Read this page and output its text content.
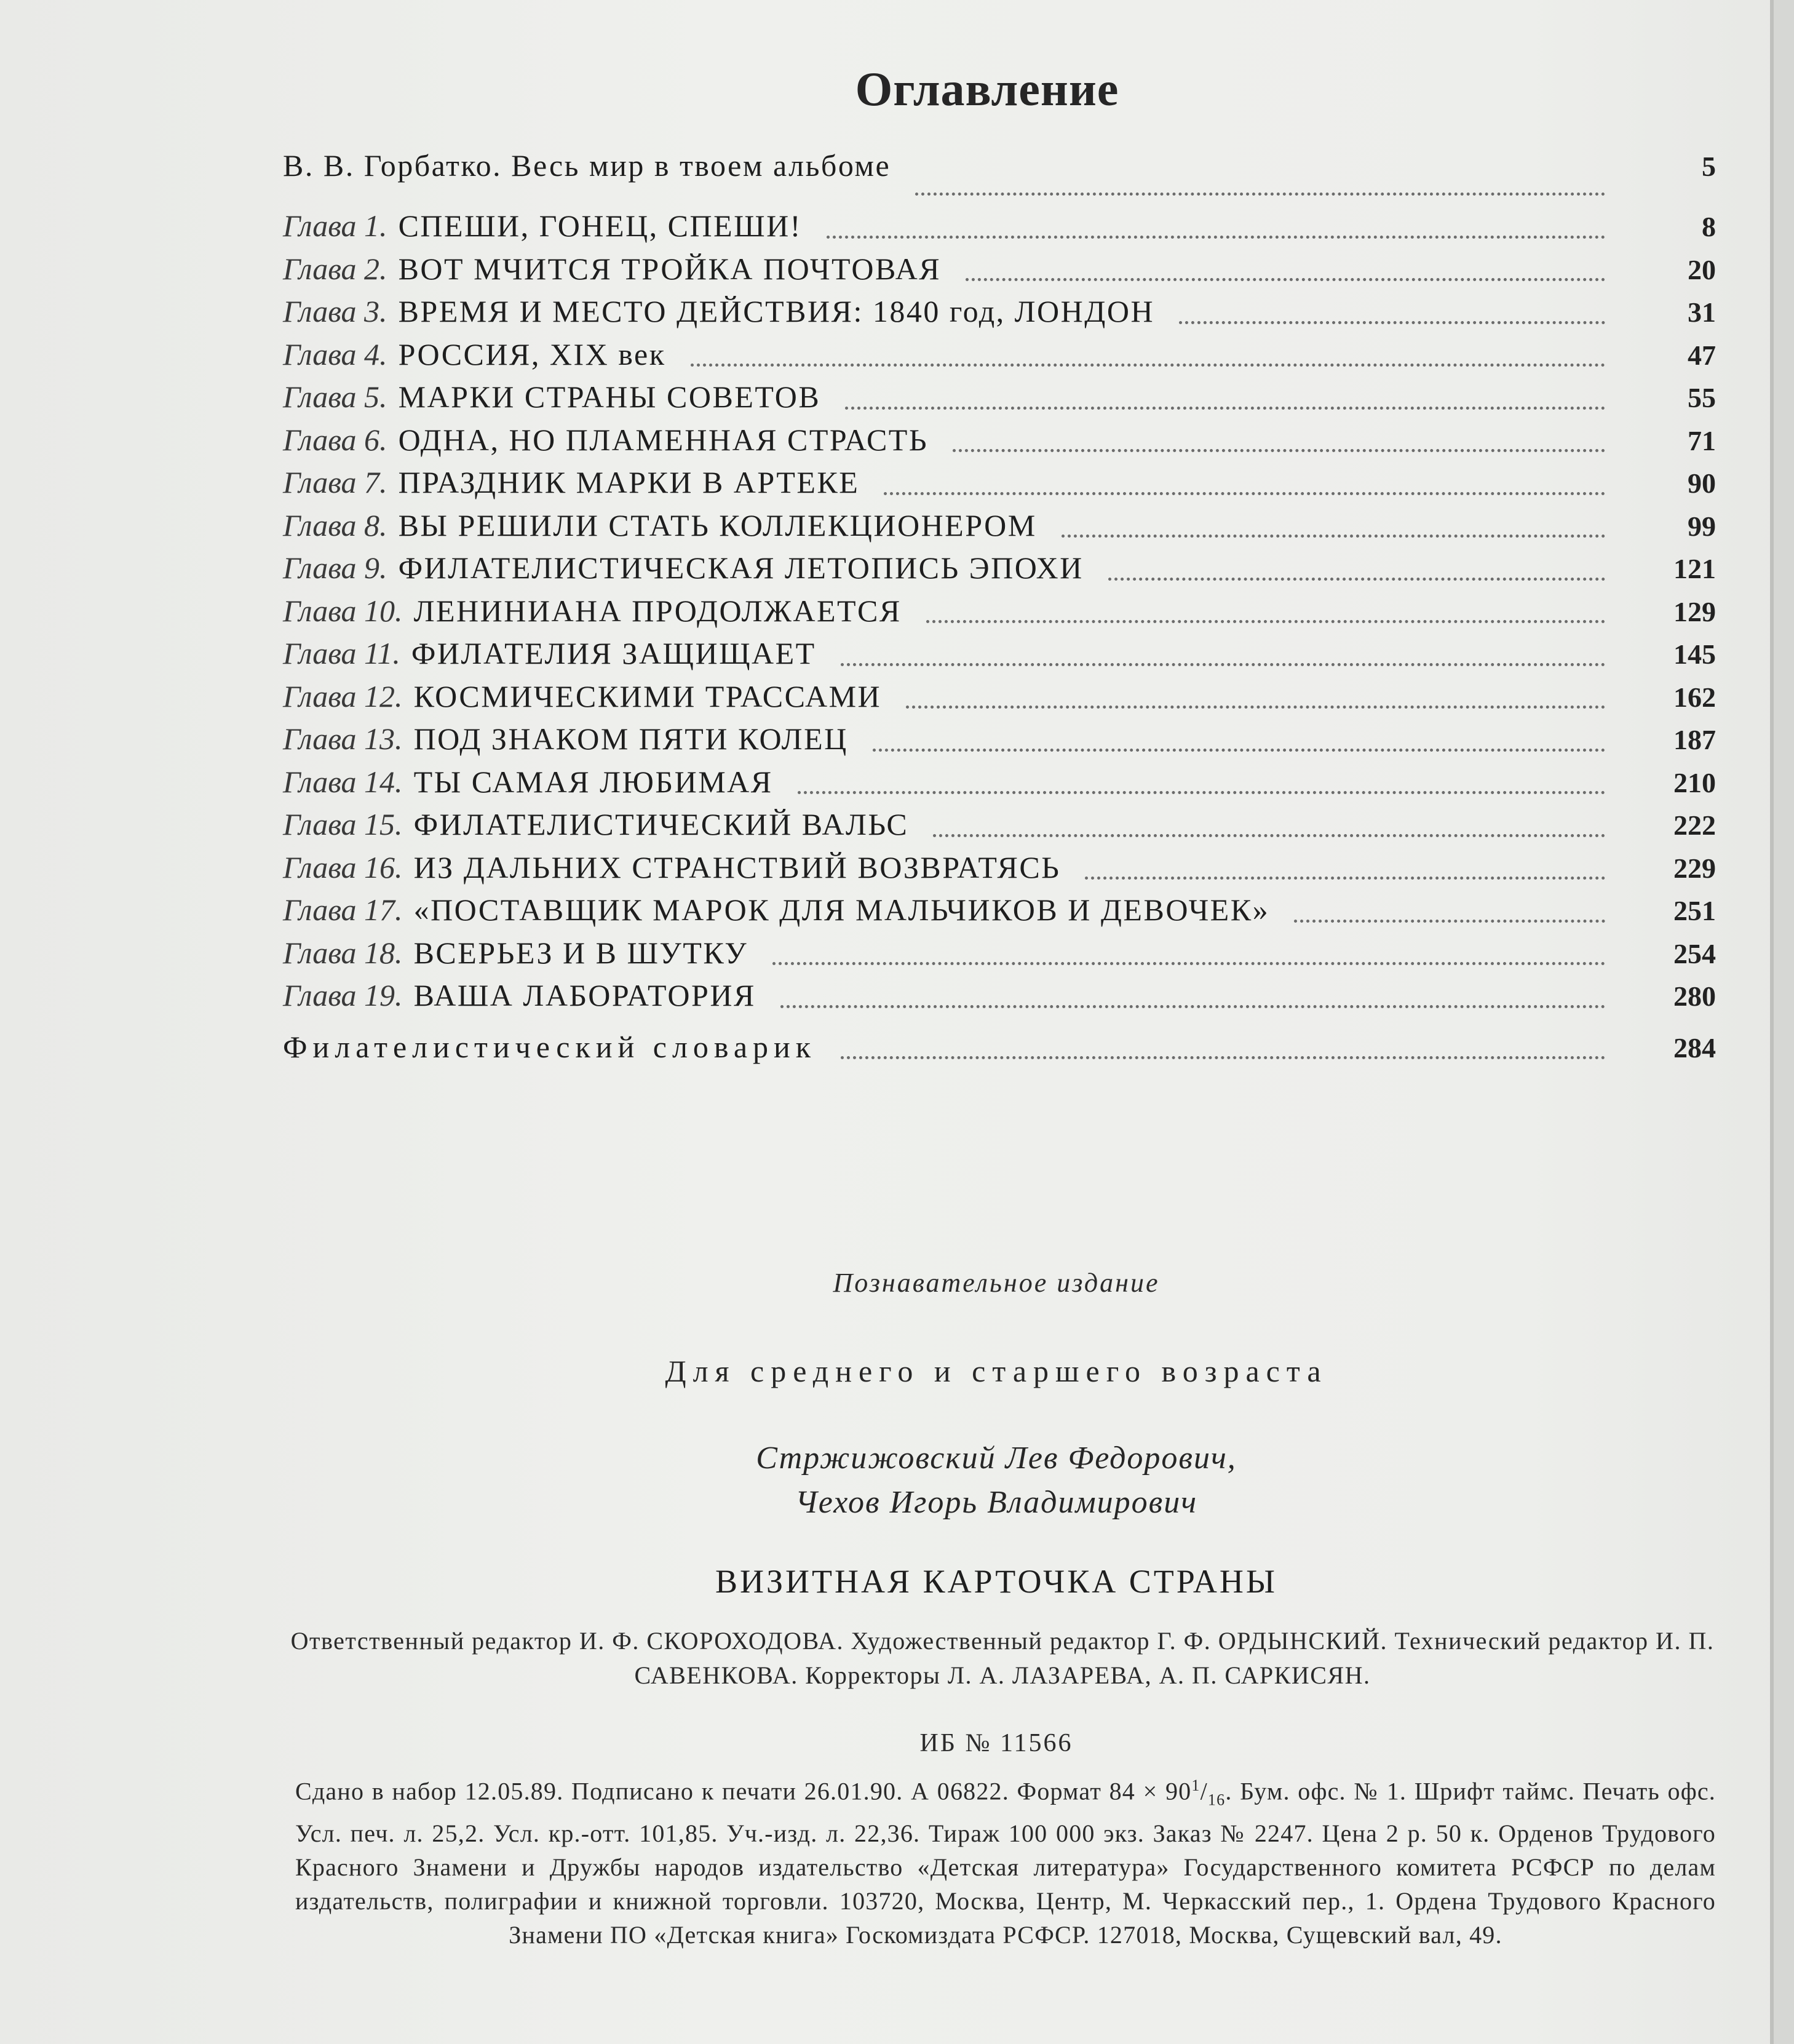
Оглавление
В. В. Горбатко. Весь мир в твоем альбоме	5
Глава 1. СПЕШИ, ГОНЕЦ, СПЕШИ!	8
Глава 2. ВОТ МЧИТСЯ ТРОЙКА ПОЧТОВАЯ	20
Глава 3. ВРЕМЯ И МЕСТО ДЕЙСТВИЯ: 1840 год, ЛОНДОН	31
Глава 4. РОССИЯ, XIX век	47
Глава 5. МАРКИ СТРАНЫ СОВЕТОВ	55
Глава 6. ОДНА, НО ПЛАМЕННАЯ СТРАСТЬ	71
Глава 7. ПРАЗДНИК МАРКИ В АРТЕКЕ	90
Глава 8. ВЫ РЕШИЛИ СТАТЬ КОЛЛЕКЦИОНЕРОМ	99
Глава 9. ФИЛАТЕЛИСТИЧЕСКАЯ ЛЕТОПИСЬ ЭПОХИ	121
Глава 10. ЛЕНИНИАНА ПРОДОЛЖАЕТСЯ	129
Глава 11. ФИЛАТЕЛИЯ ЗАЩИЩАЕТ	145
Глава 12. КОСМИЧЕСКИМИ ТРАССАМИ	162
Глава 13. ПОД ЗНАКОМ ПЯТИ КОЛЕЦ	187
Глава 14. ТЫ САМАЯ ЛЮБИМАЯ	210
Глава 15. ФИЛАТЕЛИСТИЧЕСКИЙ ВАЛЬС	222
Глава 16. ИЗ ДАЛЬНИХ СТРАНСТВИЙ ВОЗВРАТЯСЬ	229
Глава 17. «ПОСТАВЩИК МАРОК ДЛЯ МАЛЬЧИКОВ И ДЕВОЧЕК»	251
Глава 18. ВСЕРЬЕЗ И В ШУТКУ	254
Глава 19. ВАША ЛАБОРАТОРИЯ	280
Филателистический словарик	284
Познавательное издание
Для среднего и старшего возраста
Стржижовский Лев Федорович,
Чехов Игорь Владимирович
ВИЗИТНАЯ КАРТОЧКА СТРАНЫ
Ответственный редактор И. Ф. СКОРОХОДОВА. Художественный редактор Г. Ф. ОРДЫНСКИЙ. Технический редактор И. П. САВЕНКОВА. Корректоры Л. А. ЛАЗАРЕВА, А. П. САРКИСЯН.
ИБ № 11566
Сдано в набор 12.05.89. Подписано к печати 26.01.90. А 06822. Формат $84 \times 90^1/_{16}$. Бум. офс. № 1. Шрифт таймс. Печать офс. Усл. печ. л. 25,2. Усл. кр.-отт. 101,85. Уч.-изд. л. 22,36. Тираж 100 000 экз. Заказ № 2247. Цена 2 р. 50 к. Орденов Трудового Красного Знамени и Дружбы народов издательство «Детская литература» Государственного комитета РСФСР по делам издательств, полиграфии и книжной торговли. 103720, Москва, Центр, М. Черкасский пер., 1. Ордена Трудового Красного Знамени ПО «Детская книга» Госкомиздата РСФСР. 127018, Москва, Сущевский вал, 49.
